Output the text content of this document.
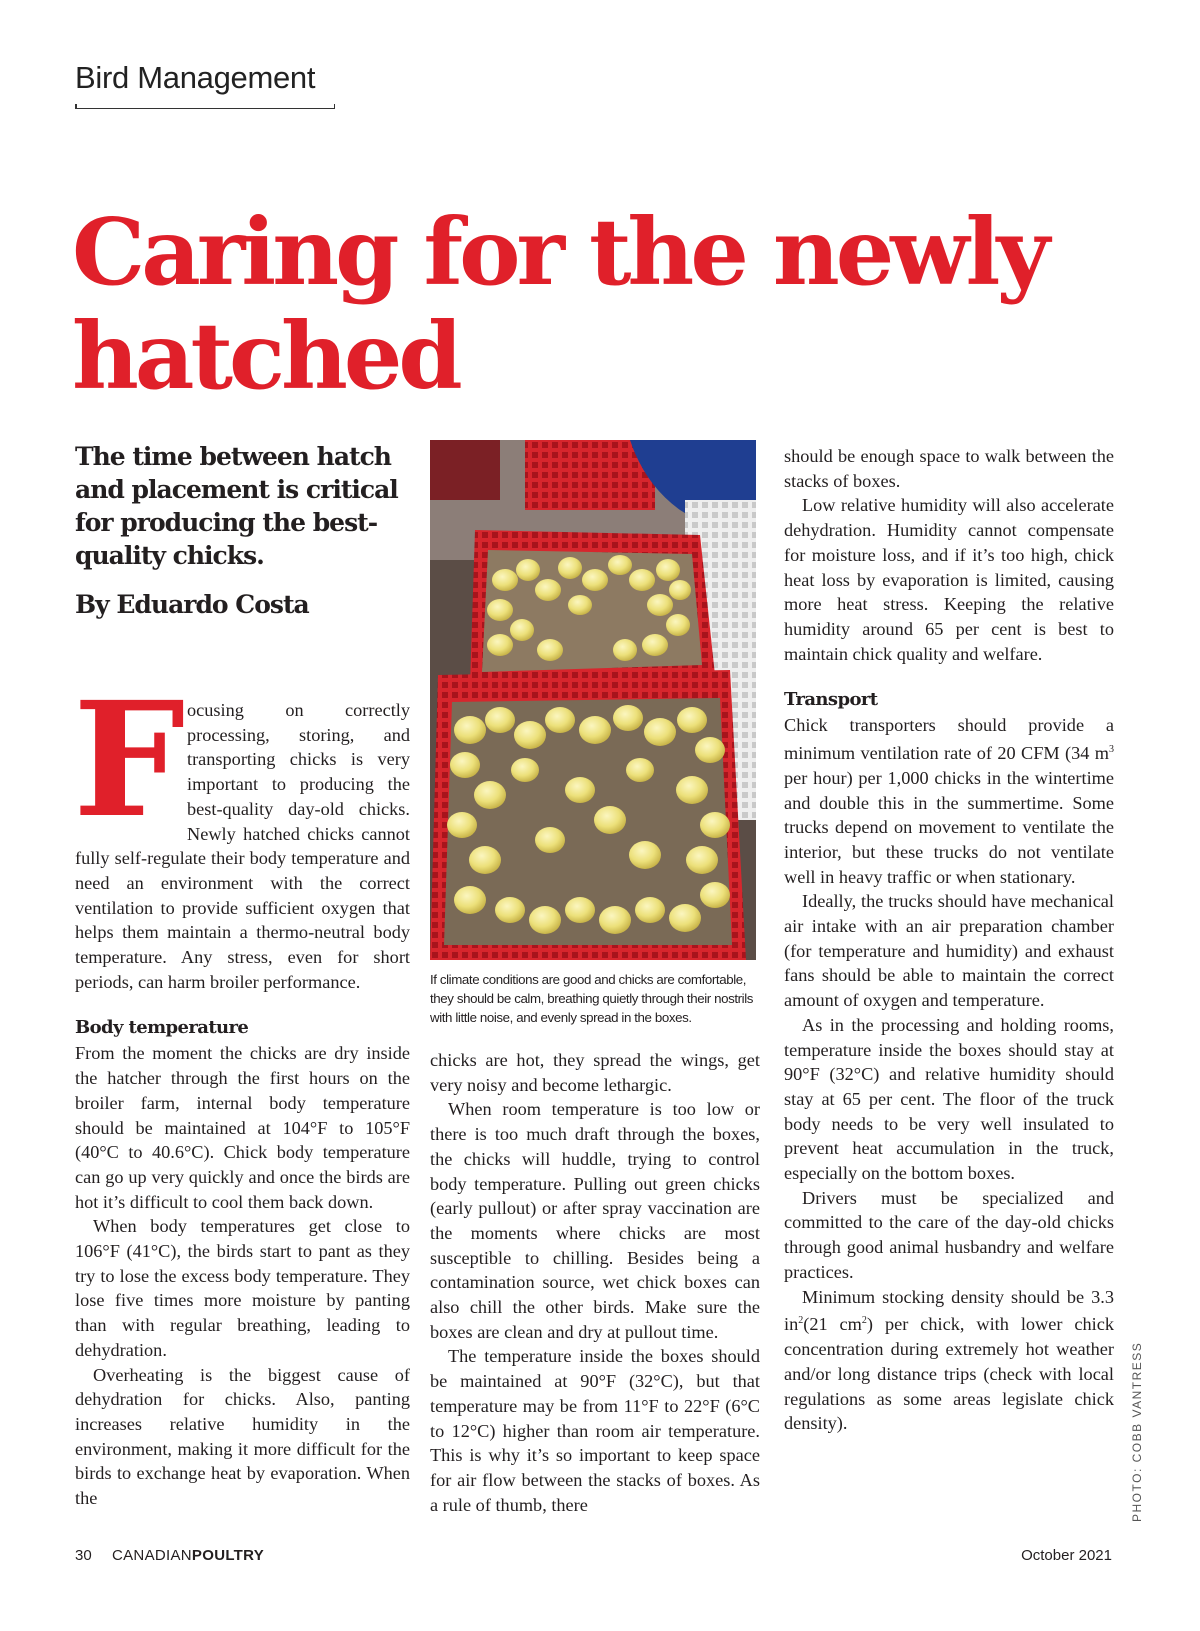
Bird Management
Caring for the newly hatched
The time between hatch and placement is critical for producing the best-quality chicks.
By Eduardo Costa
F ocusing on correctly processing, storing, and transporting chicks is very important to producing the best-quality day-old chicks. Newly hatched chicks cannot fully self-regulate their body temperature and need an environment with the correct ventilation to provide sufficient oxygen that helps them maintain a thermo-neutral body temperature. Any stress, even for short periods, can harm broiler performance.

Body temperature

From the moment the chicks are dry inside the hatcher through the first hours on the broiler farm, internal body temperature should be maintained at 104°F to 105°F (40°C to 40.6°C). Chick body temperature can go up very quickly and once the birds are hot it’s difficult to cool them back down.

When body temperatures get close to 106°F (41°C), the birds start to pant as they try to lose the excess body temperature. They lose five times more moisture by panting than with regular breathing, leading to dehydration.

Overheating is the biggest cause of dehydration for chicks. Also, panting increases relative humidity in the environment, making it more difficult for the birds to exchange heat by evaporation. When the

If climate conditions are good and chicks are comfortable, they should be calm, breathing quietly through their nostrils with little noise, and evenly spread in the boxes.

chicks are hot, they spread the wings, get very noisy and become lethargic.

When room temperature is too low or there is too much draft through the boxes, the chicks will huddle, trying to control body temperature. Pulling out green chicks (early pullout) or after spray vaccination are the moments where chicks are most susceptible to chilling. Besides being a contamination source, wet chick boxes can also chill the other birds. Make sure the boxes are clean and dry at pullout time.

The temperature inside the boxes should be maintained at 90°F (32°C), but that temperature may be from 11°F to 22°F (6°C to 12°C) higher than room air temperature. This is why it’s so important to keep space for air flow between the stacks of boxes. As a rule of thumb, there

should be enough space to walk between the stacks of boxes.

Low relative humidity will also accelerate dehydration. Humidity cannot compensate for moisture loss, and if it’s too high, chick heat loss by evaporation is limited, causing more heat stress. Keeping the relative humidity around 65 per cent is best to maintain chick quality and welfare.

Transport

Chick transporters should provide a minimum ventilation rate of 20 CFM (34 $m^3$ per hour) per 1,000 chicks in the wintertime and double this in the summertime. Some trucks depend on movement to ventilate the interior, but these trucks do not ventilate well in heavy traffic or when stationary.

Ideally, the trucks should have mechanical air intake with an air preparation chamber (for temperature and humidity) and exhaust fans should be able to maintain the correct amount of oxygen and temperature.

As in the processing and holding rooms, temperature inside the boxes should stay at 90°F (32°C) and relative humidity should stay at 65 per cent. The floor of the truck body needs to be very well insulated to prevent heat accumulation in the truck, especially on the bottom boxes.

Drivers must be specialized and committed to the care of the day-old chicks through good animal husbandry and welfare practices.

Minimum stocking density should be 3.3 $in^2(21$ $cm^2$) per chick, with lower chick concentration during extremely hot weather and/or long distance trips (check with local regulations as some areas legislate chick density).	PHOTO: COBB VANTRESS
30 CANADIANPOULTRY	October 2021
